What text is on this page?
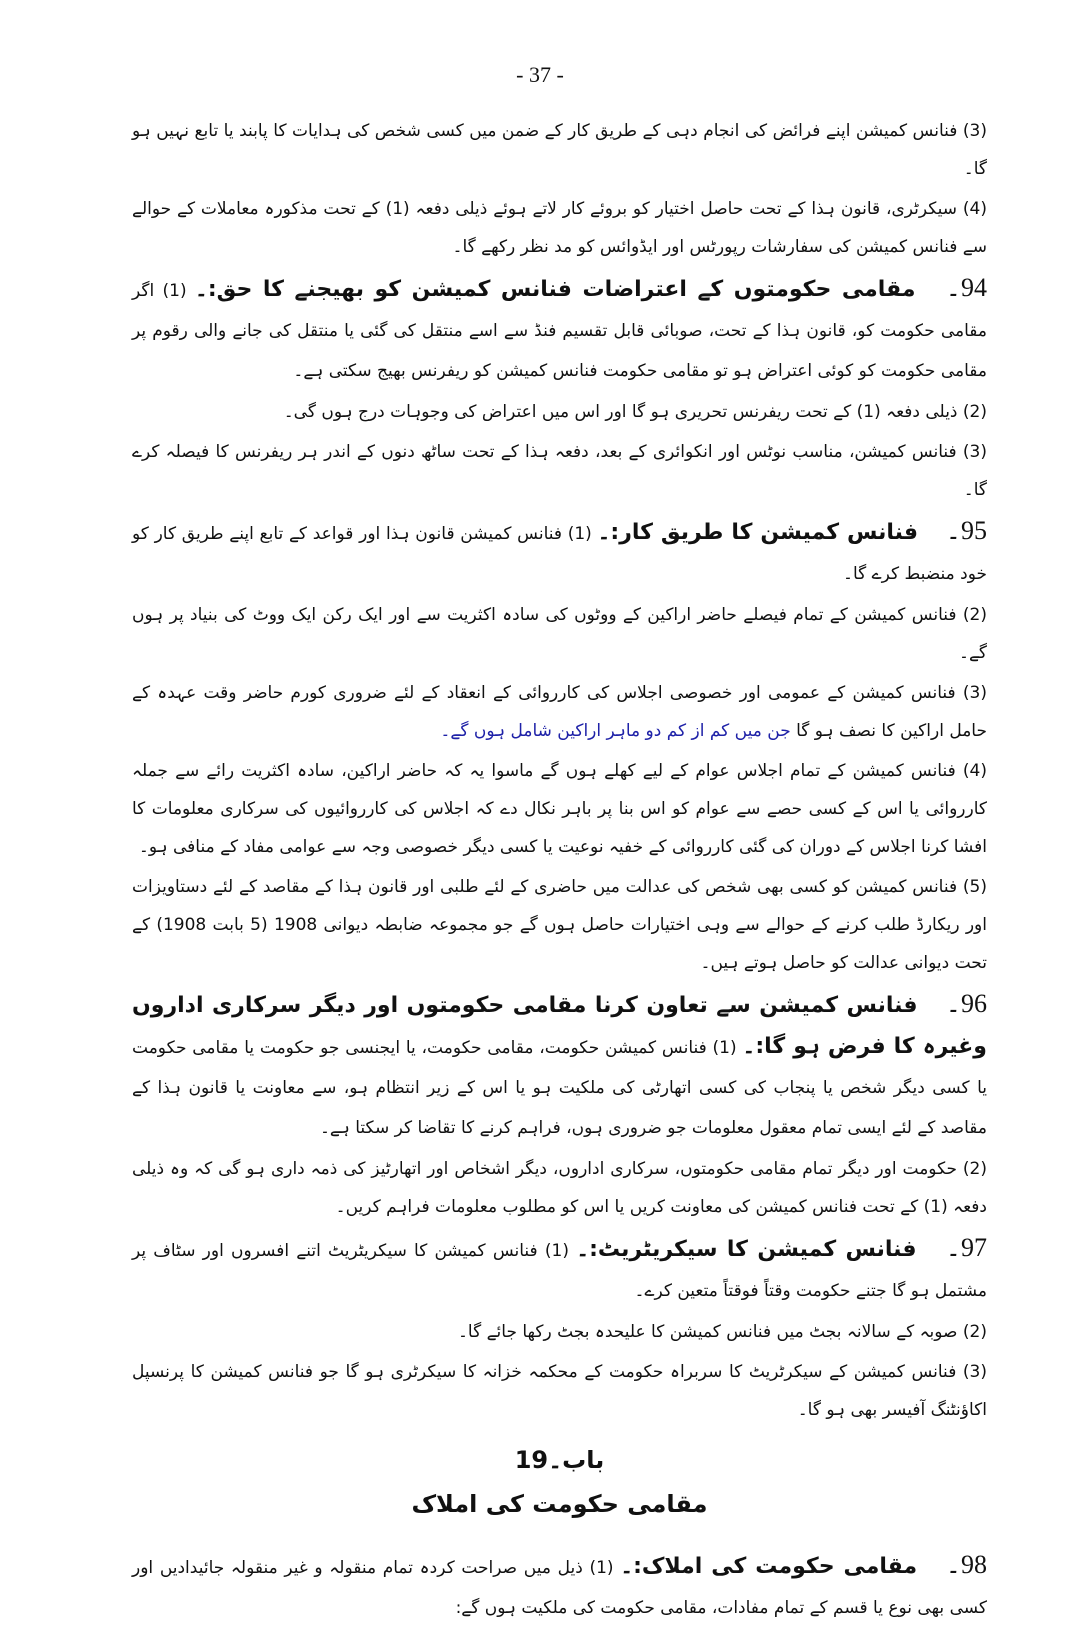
- 37 -

(3) فنانس کمیشن اپنے فرائض کی انجام دہی کے طریق کار کے ضمن میں کسی شخص کی ہدایات کا پابند یا تابع نہیں ہو گا۔

(4) سیکرٹری، قانون ہذا کے تحت حاصل اختیار کو بروئے کار لاتے ہوئے ذیلی دفعہ (1) کے تحت مذکورہ معاملات کے حوالے سے فنانس کمیشن کی سفارشات رپورٹس اور ایڈوائس کو مد نظر رکھے گا۔

94۔ مقامی حکومتوں کے اعتراضات فنانس کمیشن کو بھیجنے کا حق:۔ (1) اگر مقامی حکومت کو، قانون ہذا کے تحت، صوبائی قابل تقسیم فنڈ سے اسے منتقل کی گئی یا منتقل کی جانے والی رقوم پر مقامی حکومت کو کوئی اعتراض ہو تو مقامی حکومت فنانس کمیشن کو ریفرنس بھیج سکتی ہے۔

(2) ذیلی دفعہ (1) کے تحت ریفرنس تحریری ہو گا اور اس میں اعتراض کی وجوہات درج ہوں گی۔

(3) فنانس کمیشن، مناسب نوٹس اور انکوائری کے بعد، دفعہ ہذا کے تحت ساٹھ دنوں کے اندر ہر ریفرنس کا فیصلہ کرے گا۔

95۔ فنانس کمیشن کا طریق کار:۔ (1) فنانس کمیشن قانون ہذا اور قواعد کے تابع اپنے طریق کار کو خود منضبط کرے گا۔

(2) فنانس کمیشن کے تمام فیصلے حاضر اراکین کے ووٹوں کی سادہ اکثریت سے اور ایک رکن ایک ووٹ کی بنیاد پر ہوں گے۔

(3) فنانس کمیشن کے عمومی اور خصوصی اجلاس کی کارروائی کے انعقاد کے لئے ضروری کورم حاضر وقت عہدہ کے حامل اراکین کا نصف ہو گا جن میں کم از کم دو ماہر اراکین شامل ہوں گے۔

(4) فنانس کمیشن کے تمام اجلاس عوام کے لیے کھلے ہوں گے ماسوا یہ کہ حاضر اراکین، سادہ اکثریت رائے سے جملہ کارروائی یا اس کے کسی حصے سے عوام کو اس بنا پر باہر نکال دے کہ اجلاس کی کارروائیوں کی سرکاری معلومات کا افشا کرنا اجلاس کے دوران کی گئی کارروائی کے خفیہ نوعیت یا کسی دیگر خصوصی وجہ سے عوامی مفاد کے منافی ہو۔

(5) فنانس کمیشن کو کسی بھی شخص کی عدالت میں حاضری کے لئے طلبی اور قانون ہذا کے مقاصد کے لئے دستاویزات اور ریکارڈ طلب کرنے کے حوالے سے وہی اختیارات حاصل ہوں گے جو مجموعہ ضابطہ دیوانی 1908 (5 بابت 1908) کے تحت دیوانی عدالت کو حاصل ہوتے ہیں۔

96۔ فنانس کمیشن سے تعاون کرنا مقامی حکومتوں اور دیگر سرکاری اداروں وغیرہ کا فرض ہو گا:۔ (1) فنانس کمیشن حکومت، مقامی حکومت، یا ایجنسی جو حکومت یا مقامی حکومت یا کسی دیگر شخص یا پنجاب کی کسی اتھارٹی کی ملکیت ہو یا اس کے زیر انتظام ہو، سے معاونت یا قانون ہذا کے مقاصد کے لئے ایسی تمام معقول معلومات جو ضروری ہوں، فراہم کرنے کا تقاضا کر سکتا ہے۔

(2) حکومت اور دیگر تمام مقامی حکومتوں، سرکاری اداروں، دیگر اشخاص اور اتھارٹیز کی ذمہ داری ہو گی کہ وہ ذیلی دفعہ (1) کے تحت فنانس کمیشن کی معاونت کریں یا اس کو مطلوب معلومات فراہم کریں۔

97۔ فنانس کمیشن کا سیکریٹریٹ:۔ (1) فنانس کمیشن کا سیکریٹریٹ اتنے افسروں اور سٹاف پر مشتمل ہو گا جتنے حکومت وقتاً فوقتاً متعین کرے۔

(2) صوبہ کے سالانہ بجٹ میں فنانس کمیشن کا علیحدہ بجٹ رکھا جائے گا۔

(3) فنانس کمیشن کے سیکرٹریٹ کا سربراہ حکومت کے محکمہ خزانہ کا سیکرٹری ہو گا جو فنانس کمیشن کا پرنسپل اکاؤنٹنگ آفیسر بھی ہو گا۔

باب۔19
مقامی حکومت کی املاک

98۔ مقامی حکومت کی املاک:۔ (1) ذیل میں صراحت کردہ تمام منقولہ و غیر منقولہ جائیدادیں اور کسی بھی نوع یا قسم کے تمام مفادات، مقامی حکومت کی ملکیت ہوں گے:
